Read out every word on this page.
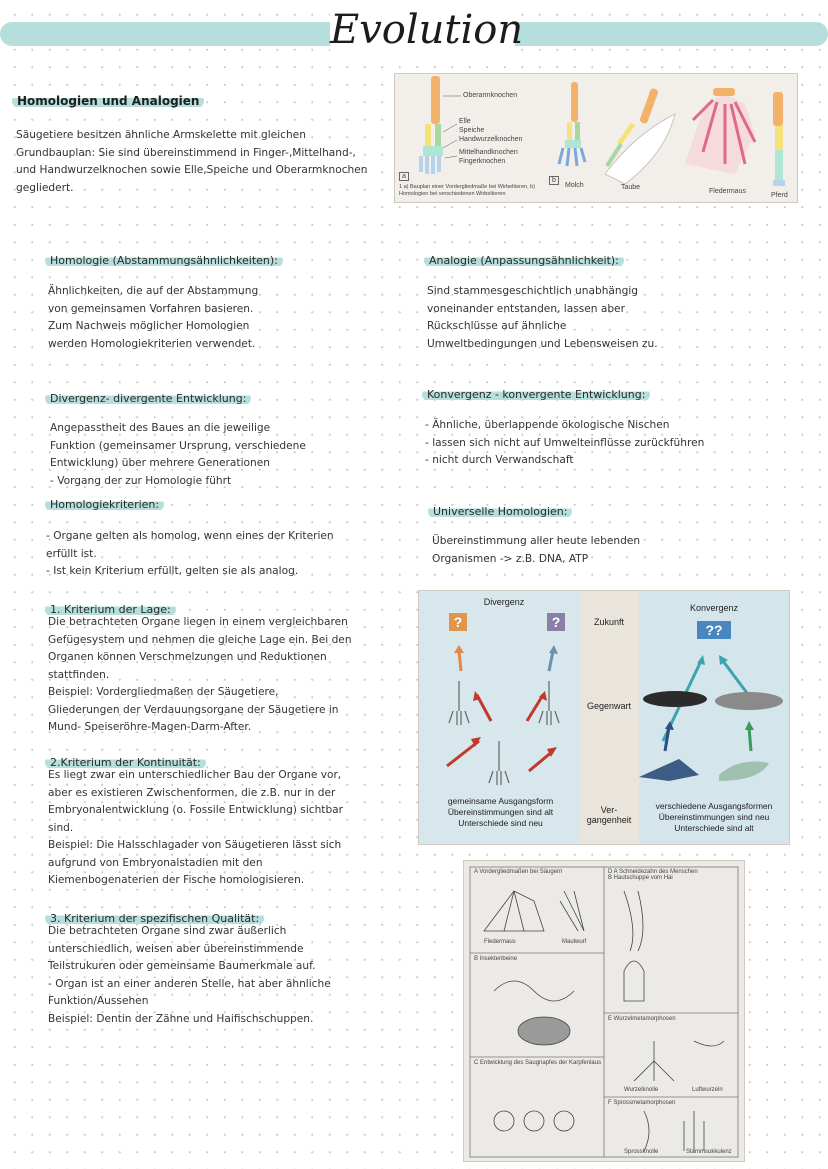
Evolution
Homologien und Analogien
Säugetiere besitzen ähnliche Armskelette mit gleichen
Grundbauplan: Sie sind übereinstimmend in Finger-,Mittelhand-,
und Handwurzelknochen sowie Elle,Speiche und Oberarmknochen
gegliedert.
Oberarmknochen
Elle
Speiche
Handwurzelknochen
Mittelhandknochen
Fingerknochen
a
b
Molch	Taube
Fledermaus
Pferd
1 a) Bauplan einer Vordergliedmaße bei Wirbeltieren, b) Homologien bei verschiedenen Wirbeltieren
Homologie (Abstammungsähnlichkeiten):
Ähnlichkeiten, die auf der Abstammung
von gemeinsamen Vorfahren basieren.
Zum Nachweis möglicher Homologien
werden Homologiekriterien verwendet.
Analogie (Anpassungsähnlichkeit):
Sind stammesgeschichtlich unabhängig
voneinander entstanden, lassen aber
Rückschlüsse auf ähnliche
Umweltbedingungen und Lebensweisen zu.
Divergenz- divergente Entwicklung:
Angepasstheit des Baues an die jeweilige
Funktion (gemeinsamer Ursprung, verschiedene
Entwicklung) über mehrere Generationen
- Vorgang der zur Homologie führt
Konvergenz - konvergente Entwicklung:
- Ähnliche, überlappende ökologische Nischen
- lassen sich nicht auf Umwelteinflüsse zurückführen
- nicht durch Verwandschaft
Homologiekriterien:
- Organe gelten als homolog, wenn eines der Kriterien
erfüllt ist.
- Ist kein Kriterium erfüllt, gelten sie als analog.
Universelle Homologien:
Übereinstimmung aller heute lebenden
Organismen -> z.B. DNA, ATP
1. Kriterium der Lage:
Die betrachteten Organe liegen in einem vergleichbaren
Gefügesystem und nehmen die gleiche Lage ein. Bei den
Organen können Verschmelzungen und Reduktionen
stattfinden.
Beispiel: Vordergliedmaßen der Säugetiere,
Gliederungen der Verdauungsorgane der Säugetiere in
Mund- Speiseröhre-Magen-Darm-After.
2.Kriterium der Kontinuität:
Es liegt zwar ein unterschiedlicher Bau der Organe vor,
aber es existieren Zwischenformen, die z.B. nur in der
Embryonalentwicklung (o. Fossile Entwicklung) sichtbar
sind.
Beispiel: Die Halsschlagader von Säugetieren lässt sich
aufgrund von Embryonalstadien mit den
Kiemenbogenaterien der Fische homologisieren.
3. Kriterium der spezifischen Qualität:
Die betrachteten Organe sind zwar äußerlich
unterschiedlich, weisen aber übereinstimmende
Teilstrukuren oder gemeinsame Baumerkmale auf.
- Organ ist an einer anderen Stelle, hat aber ähnliche
Funktion/Aussehen
Beispiel: Dentin der Zähne und Haifischschuppen.
Divergenz
Konvergenz
?	?	??
Zukunft
Gegenwart
Ver-
gangenheit
gemeinsame Ausgangsform
Übereinstimmungen sind alt
Unterschiede sind neu
verschiedene Ausgangsformen
Übereinstimmungen sind neu
Unterschiede sind alt
A Vordergliedmaßen bei Säugern
Fledermaus	Maulwurf
B Insektenbeine
C Entwicklung des Saugnapfes der Karpfenlaus
D A Schneidezahn des Menschen
B Hautschuppe vom Hai
E Wurzelmetamorphosen
Wurzelknolle	Luftwurzeln
F Sprossmetamorphosen
Sprossknolle	Stammsukkulenz
